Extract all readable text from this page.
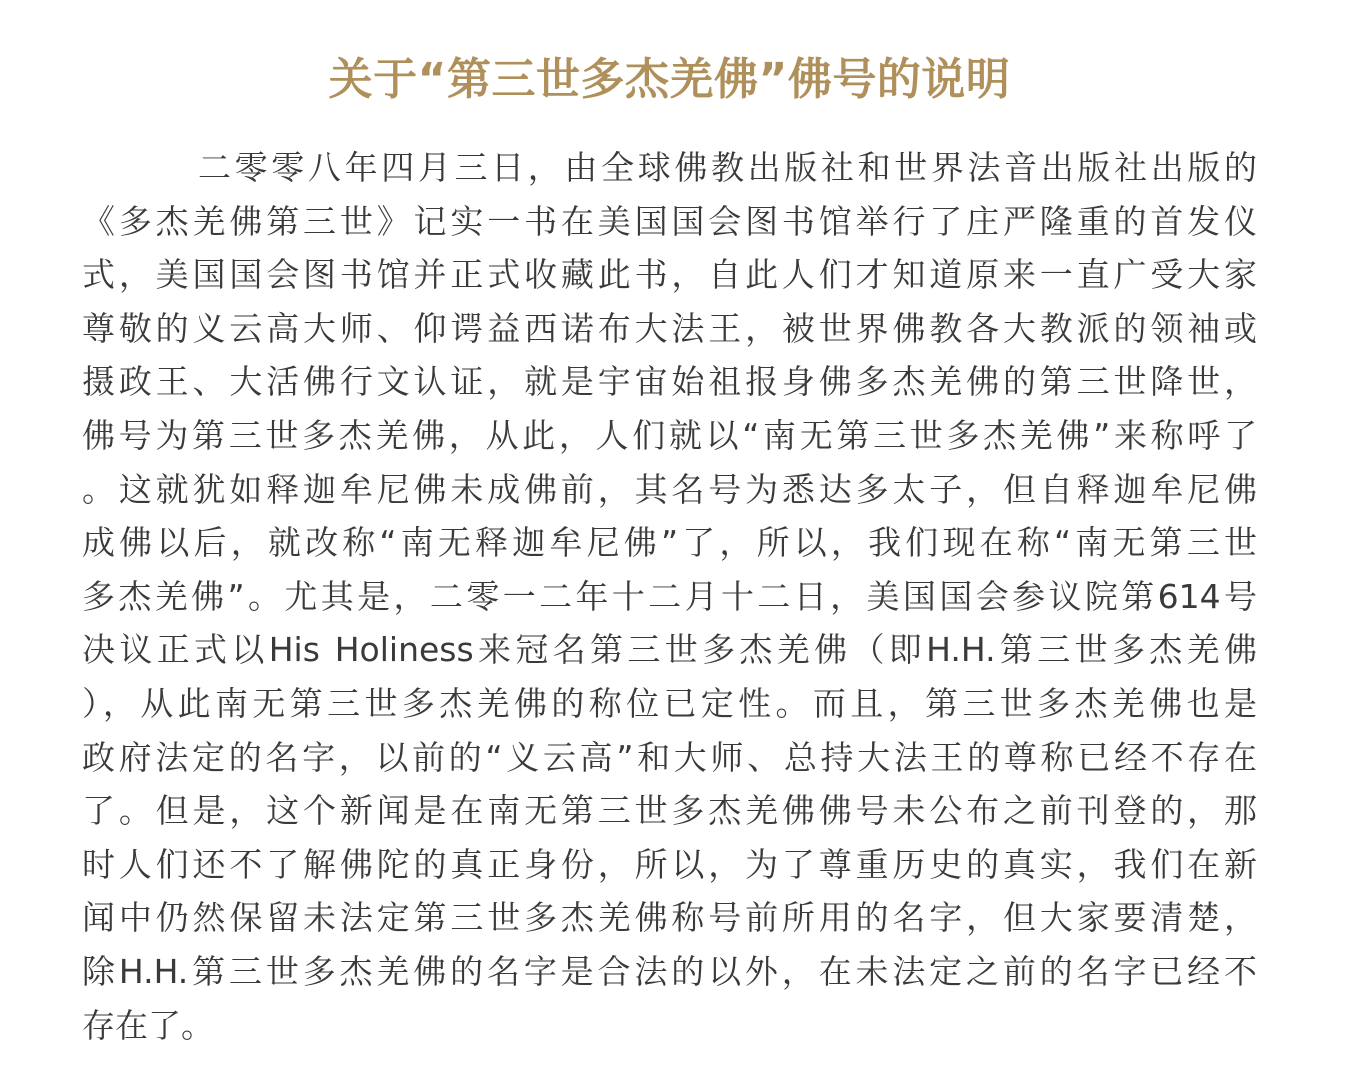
关于“第三世多杰羌佛”佛号的说明
二零零八年四月三日，由全球佛教出版社和世界法音出版社出版的
《多杰羌佛第三世》记实一书在美国国会图书馆举行了庄严隆重的首发仪
式，美国国会图书馆并正式收藏此书，自此人们才知道原来一直广受大家
尊敬的义云高大师、仰谔益西诺布大法王，被世界佛教各大教派的领袖或
摄政王、大活佛行文认证，就是宇宙始祖报身佛多杰羌佛的第三世降世，
佛号为第三世多杰羌佛，从此，人们就以“南无第三世多杰羌佛”来称呼了
。这就犹如释迦牟尼佛未成佛前，其名号为悉达多太子，但自释迦牟尼佛
成佛以后，就改称“南无释迦牟尼佛”了，所以，我们现在称“南无第三世
多杰羌佛”。尤其是，二零一二年十二月十二日，美国国会参议院第614号
决议正式以His Holiness来冠名第三世多杰羌佛（即H.H.第三世多杰羌佛
），从此南无第三世多杰羌佛的称位已定性。而且，第三世多杰羌佛也是
政府法定的名字，以前的“义云高”和大师、总持大法王的尊称已经不存在
了。但是，这个新闻是在南无第三世多杰羌佛佛号未公布之前刊登的，那
时人们还不了解佛陀的真正身份，所以，为了尊重历史的真实，我们在新
闻中仍然保留未法定第三世多杰羌佛称号前所用的名字，但大家要清楚，
除H.H.第三世多杰羌佛的名字是合法的以外，在未法定之前的名字已经不
存在了。
